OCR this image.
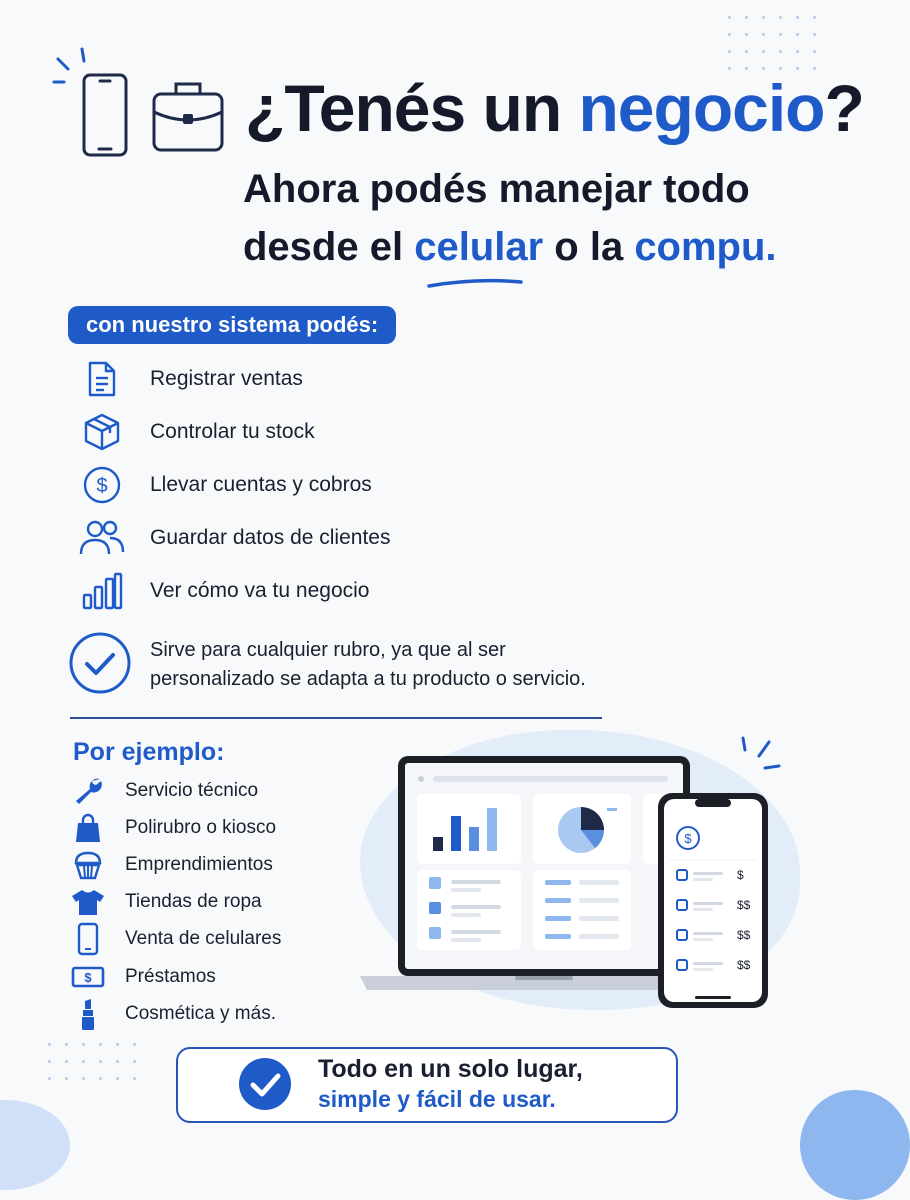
¿Tenés un negocio?
Ahora podés manejar todo
desde el celular o la compu.
con nuestro sistema podés:
Registrar ventas
Controlar tu stock
$ Llevar cuentas y cobros
Guardar datos de clientes
Ver cómo va tu negocio
Sirve para cualquier rubro, ya que al ser
personalizado se adapta a tu producto o servicio.
Por ejemplo:
Servicio técnico
Polirubro o kiosco
Emprendimientos
Tiendas de ropa
Venta de celulares
$ Préstamos
Cosmética y más.
$
$
$$
$$
$$
Todo en un solo lugar,
simple y fácil de usar.
